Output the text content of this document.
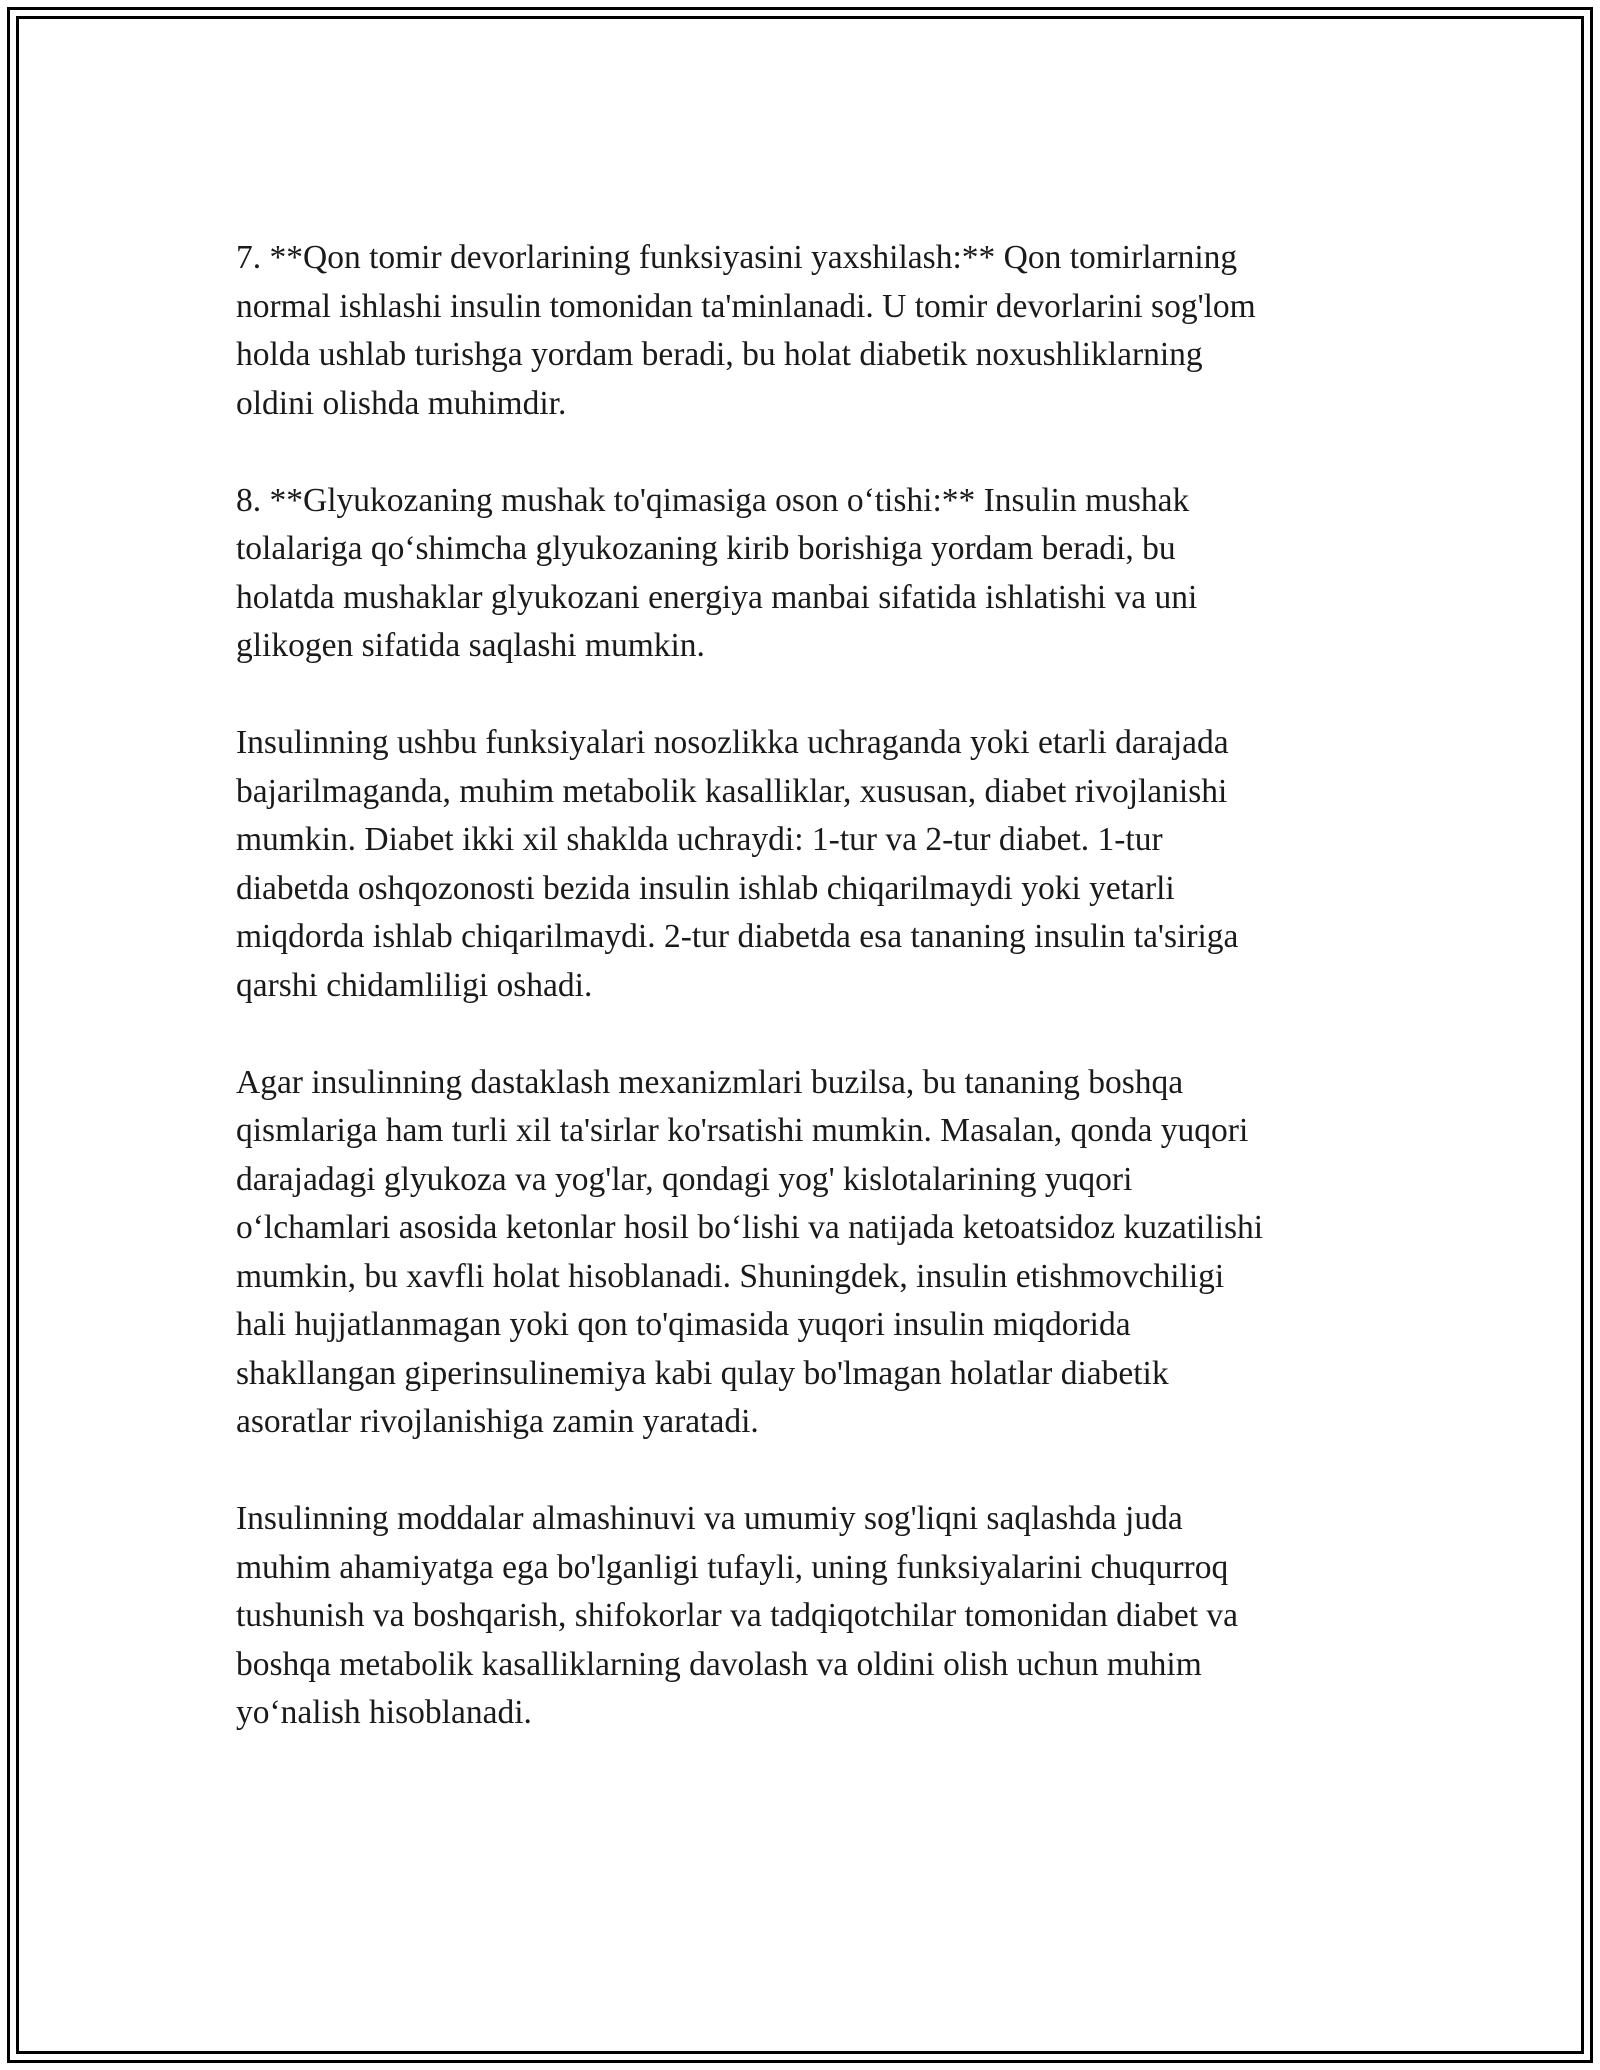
7. **Qon tomir devorlarining funksiyasini yaxshilash:** Qon tomirlarning
normal ishlashi insulin tomonidan ta'minlanadi. U tomir devorlarini sog'lom
holda ushlab turishga yordam beradi, bu holat diabetik noxushliklarning
oldini olishda muhimdir.

8. **Glyukozaning mushak to'qimasiga oson o‘tishi:** Insulin mushak
tolalariga qo‘shimcha glyukozaning kirib borishiga yordam beradi, bu
holatda mushaklar glyukozani energiya manbai sifatida ishlatishi va uni
glikogen sifatida saqlashi mumkin.

Insulinning ushbu funksiyalari nosozlikka uchraganda yoki etarli darajada
bajarilmaganda, muhim metabolik kasalliklar, xususan, diabet rivojlanishi
mumkin. Diabet ikki xil shaklda uchraydi: 1-tur va 2-tur diabet. 1-tur
diabetda oshqozonosti bezida insulin ishlab chiqarilmaydi yoki yetarli
miqdorda ishlab chiqarilmaydi. 2-tur diabetda esa tananing insulin ta'siriga
qarshi chidamliligi oshadi.

Agar insulinning dastaklash mexanizmlari buzilsa, bu tananing boshqa
qismlariga ham turli xil ta'sirlar ko'rsatishi mumkin. Masalan, qonda yuqori
darajadagi glyukoza va yog'lar, qondagi yog' kislotalarining yuqori
o‘lchamlari asosida ketonlar hosil bo‘lishi va natijada ketoatsidoz kuzatilishi
mumkin, bu xavfli holat hisoblanadi. Shuningdek, insulin etishmovchiligi
hali hujjatlanmagan yoki qon to'qimasida yuqori insulin miqdorida
shakllangan giperinsulinemiya kabi qulay bo'lmagan holatlar diabetik
asoratlar rivojlanishiga zamin yaratadi.

Insulinning moddalar almashinuvi va umumiy sog'liqni saqlashda juda
muhim ahamiyatga ega bo'lganligi tufayli, uning funksiyalarini chuqurroq
tushunish va boshqarish, shifokorlar va tadqiqotchilar tomonidan diabet va
boshqa metabolik kasalliklarning davolash va oldini olish uchun muhim
yo‘nalish hisoblanadi.
